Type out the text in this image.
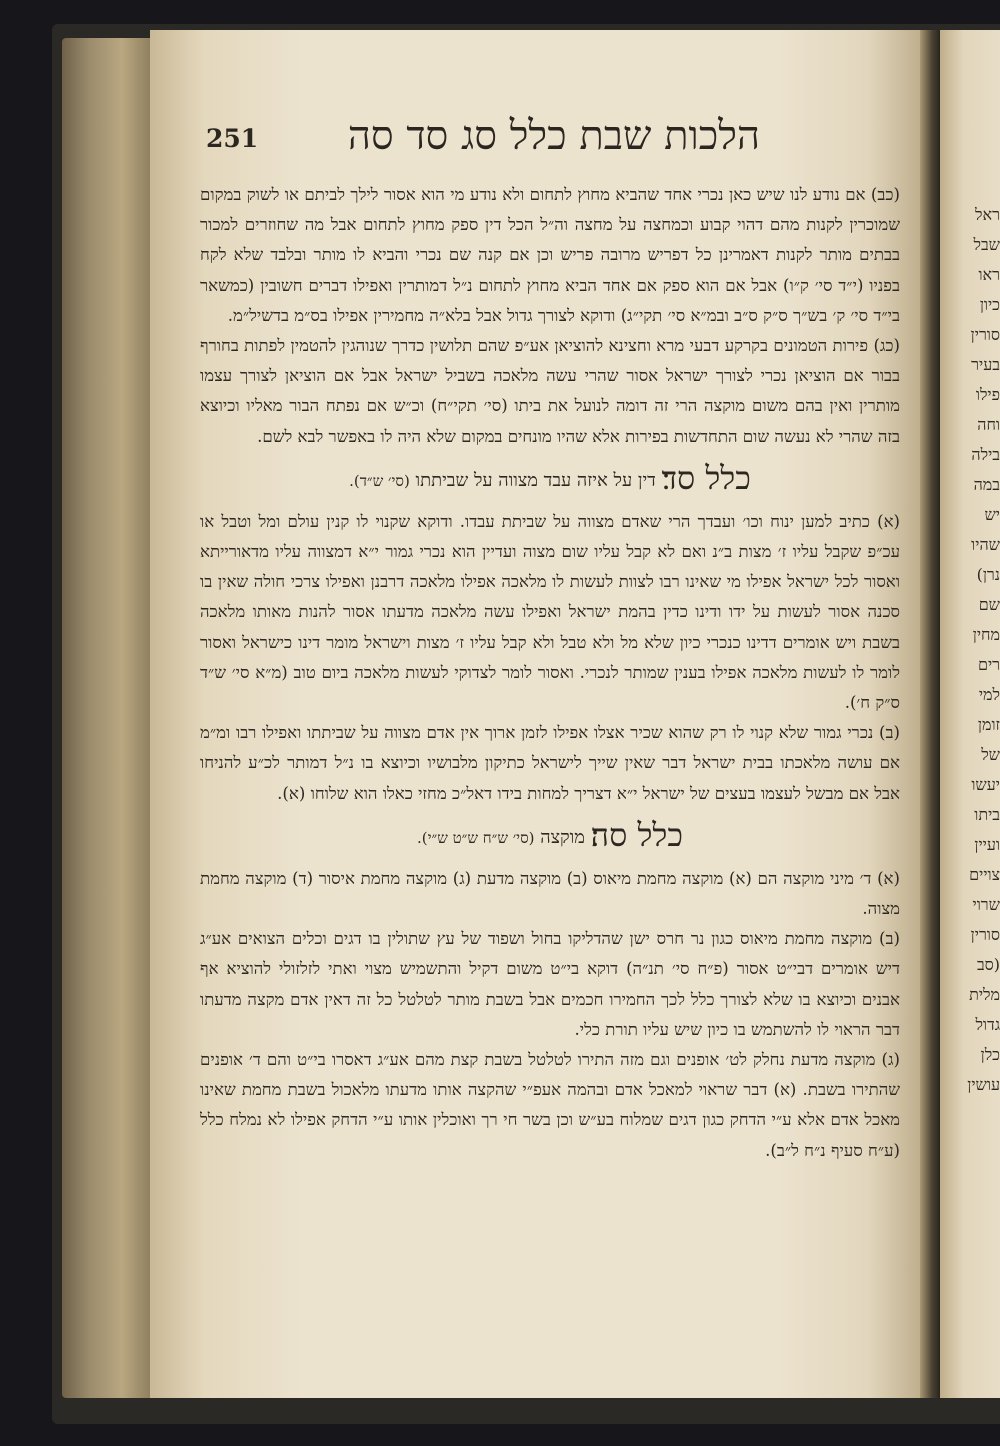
251 הלכות שבת כלל סג סד סה

(כב) אם נודע לנו שיש כאן נכרי אחד שהביא מחוץ לתחום ולא נודע מי הוא אסור לילך לביתם או לשוק במקום שמוכרין לקנות מהם דהוי קבוע וכמחצה על מחצה וה״ל הכל דין ספק מחוץ לתחום אבל מה שחוזרים למכור בבתים מותר לקנות דאמרינן כל דפריש מרובה פריש וכן אם קנה שם נכרי והביא לו מותר ובלבד שלא לקח בפניו (י״ד סי׳ ק״ו) אבל אם הוא ספק אם אחד הביא מחוץ לתחום נ״ל דמותרין ואפילו דברים חשובין (כמשאר בי״ד סי׳ ק׳ בש״ך ס״ק ס״ב ובמ״א סי׳ תקי״ג) ודוקא לצורך גדול אבל בלא״ה מחמירין אפילו בס״מ בדשיל״מ.

(כג) פירות הטמונים בקרקע דבעי מרא וחצינא להוציאן אע״פ שהם תלושין כדרך שנוהגין להטמין לפתות בחורף בבור אם הוציאן נכרי לצורך ישראל אסור שהרי עשה מלאכה בשביל ישראל אבל אם הוציאן לצורך עצמו מותרין ואין בהם משום מוקצה הרי זה דומה לנועל את ביתו (סי׳ תקי״ח) וכ״ש אם נפתח הבור מאליו וכיוצא בזה שהרי לא נעשה שום התחדשות בפירות אלא שהיו מונחים במקום שלא היה לו באפשר לבא לשם.

כלל סד׃ דין על איזה עבד מצווה על שביתתו (סי׳ ש״ד).

(א) כתיב למען ינוח וכו׳ ועבדך הרי שאדם מצווה על שביתת עבדו. ודוקא שקנוי לו קנין עולם ומל וטבל או עכ״פ שקבל עליו ז׳ מצות ב״נ ואם לא קבל עליו שום מצוה ועדיין הוא נכרי גמור י״א דמצווה עליו מדאורייתא ואסור לכל ישראל אפילו מי שאינו רבו לצוות לעשות לו מלאכה אפילו מלאכה דרבנן ואפילו צרכי חולה שאין בו סכנה אסור לעשות על ידו ודינו כדין בהמת ישראל ואפילו עשה מלאכה מדעתו אסור להנות מאותו מלאכה בשבת ויש אומרים דדינו כנכרי כיון שלא מל ולא טבל ולא קבל עליו ז׳ מצות וישראל מומר דינו כישראל ואסור לומר לו לעשות מלאכה אפילו בענין שמותר לנכרי. ואסור לומר לצדוקי לעשות מלאכה ביום טוב (מ״א סי׳ ש״ד ס״ק ח׳).

(ב) נכרי גמור שלא קנוי לו רק שהוא שכיר אצלו אפילו לזמן ארוך אין אדם מצווה על שביתתו ואפילו רבו ומ״מ אם עושה מלאכתו בבית ישראל דבר שאין שייך לישראל כתיקון מלבושיו וכיוצא בו נ״ל דמותר לכ״ע להניחו אבל אם מבשל לעצמו בעצים של ישראל י״א דצריך למחות בידו דאל״כ מחזי כאלו הוא שלוחו (א).

כלל סה׃ מוקצה (סי׳ ש״ח ש״ט ש״י).

(א) ד׳ מיני מוקצה הם (א) מוקצה מחמת מיאוס (ב) מוקצה מדעת (ג) מוקצה מחמת איסור (ד) מוקצה מחמת מצוה.

(ב) מוקצה מחמת מיאוס כגון נר חרס ישן שהדליקו בחול ושפוד של עץ שתולין בו דגים וכלים הצואים אע״ג דיש אומרים דבי״ט אסור (פ״ח סי׳ תנ״ה) דוקא בי״ט משום דקיל והתשמיש מצוי ואתי לזלזולי להוציא אף אבנים וכיוצא בו שלא לצורך כלל לכך החמירו חכמים אבל בשבת מותר לטלטל כל זה דאין אדם מקצה מדעתו דבר הראוי לו להשתמש בו כיון שיש עליו תורת כלי.

(ג) מוקצה מדעת נחלק לט׳ אופנים וגם מזה התירו לטלטל בשבת קצת מהם אע״ג דאסרו בי״ט והם ד׳ אופנים שהתירו בשבת. (א) דבר שראוי למאכל אדם ובהמה אעפ״י שהקצה אותו מדעתו מלאכול בשבת מחמת שאינו מאכל אדם אלא ע״י הדחק כגון דגים שמלוח בע״ש וכן בשר חי רך ואוכלין אותו ע״י הדחק אפילו לא נמלח כלל (ע״ח סעיף נ״ח ל״ב).

ראל
שבל
ראו
כיון
סורין
בעיר
פילו
וחה
בילה
במה
יש
שהיו
נרן)
שם
מחין
רים
למי
זומן
של
יעשו
ביתו
ועיין
צויים
שרוי
סורין
(סב
מלית
גדול
כלן
עושין
